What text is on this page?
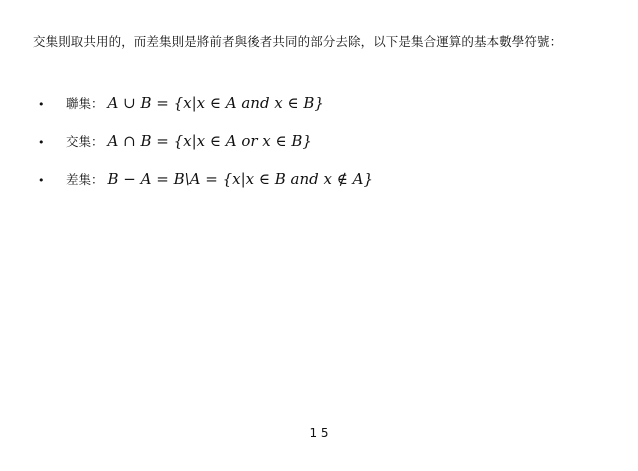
交集則取共用的，而差集則是將前者與後者共同的部分去除，以下是集合運算的基本數學符號：
•	聯集： A ∪ B = {x|x ∈ A and x ∈ B}
•	交集： A ∩ B = {x|x ∈ A or x ∈ B}
•	差集： B − A = B\A = {x|x ∈ B and x ∉ A}
1 5
